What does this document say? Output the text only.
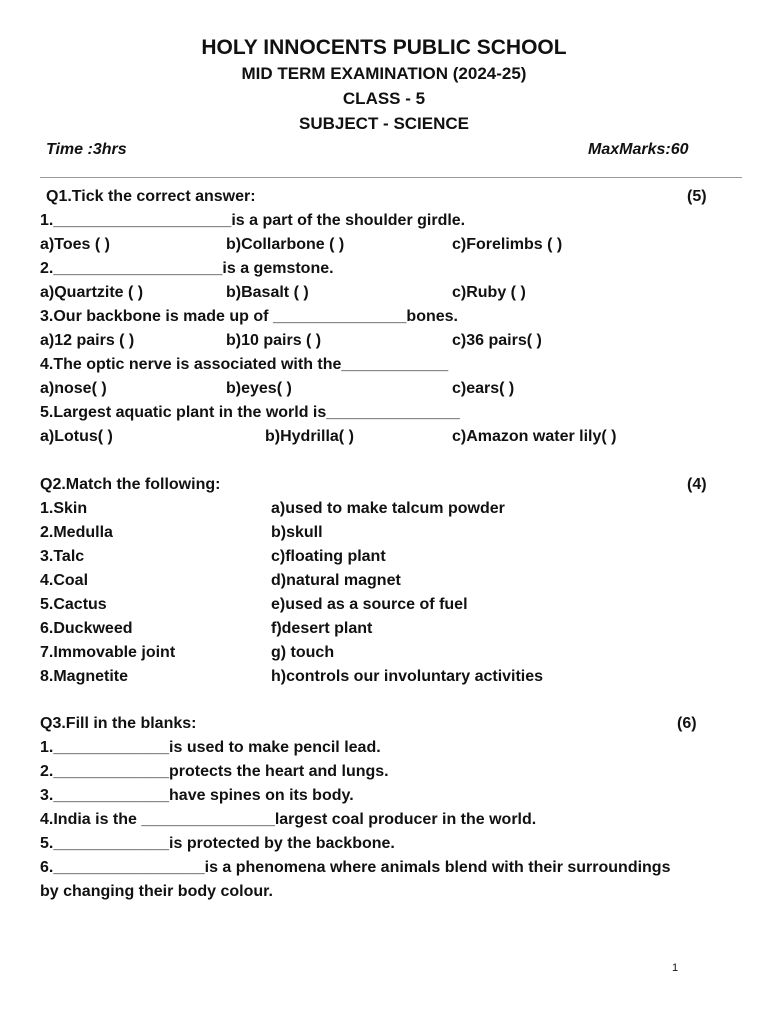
HOLY INNOCENTS PUBLIC SCHOOL
MID TERM EXAMINATION (2024-25)
CLASS - 5
SUBJECT - SCIENCE
Time :3hrs	MaxMarks:60
Q1.Tick the correct answer:	(5)
1.____________________is a part of the shoulder girdle.
a)Toes ( )	b)Collarbone ( )	c)Forelimbs ( )
2.___________________is a gemstone.
a)Quartzite ( )	b)Basalt ( )	c)Ruby ( )
3.Our backbone is made up of _______________bones.
a)12 pairs ( )	b)10 pairs ( )	c)36 pairs( )
4.The optic nerve is associated with the____________
a)nose( )	b)eyes( )	c)ears( )
5.Largest aquatic plant in the world is_______________
a)Lotus( )	b)Hydrilla( )	c)Amazon water lily( )
Q2.Match the following:	(4)
1.Skin	a)used to make talcum powder
2.Medulla	b)skull
3.Talc	c)floating plant
4.Coal	d)natural magnet
5.Cactus	e)used as a source of fuel
6.Duckweed	f)desert plant
7.Immovable joint	g) touch
8.Magnetite	h)controls our involuntary activities
Q3.Fill in the blanks:	(6)
1._____________is used to make pencil lead.
2._____________protects the heart and lungs.
3._____________have spines on its body.
4.India is the _______________largest coal producer in the world.
5._____________is protected by the backbone.
6._________________is a phenomena where animals blend with their surroundings
by changing their body colour.
1
